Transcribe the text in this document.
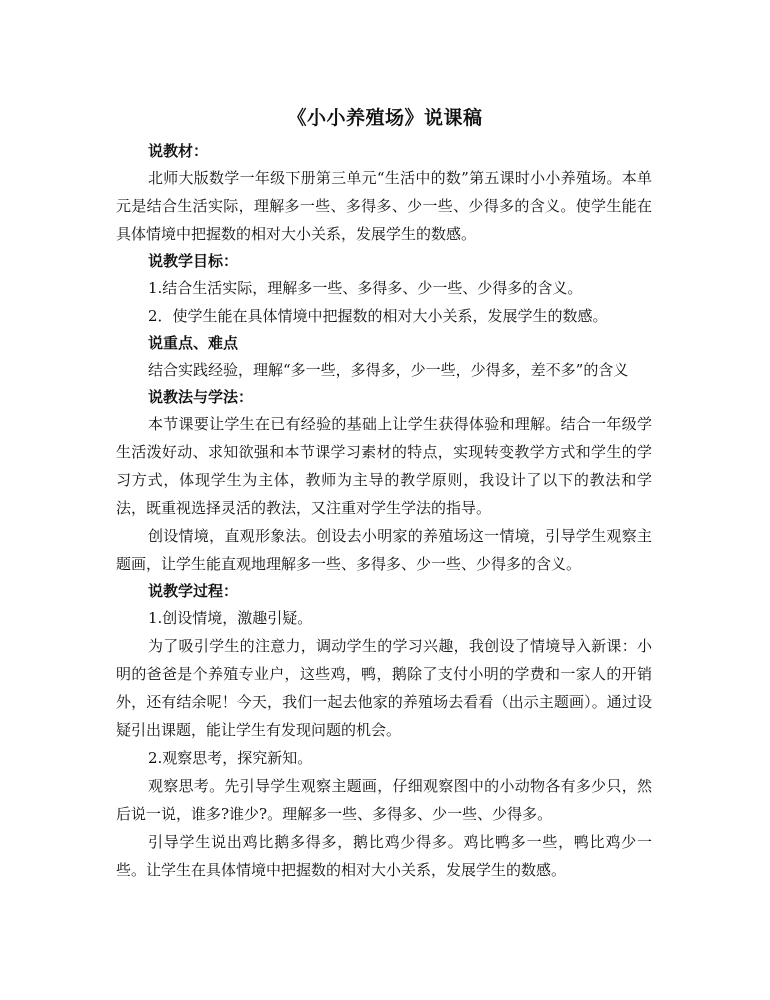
《小小养殖场》说课稿

说教材：

北师大版数学一年级下册第三单元“生活中的数”第五课时小小养殖场。本单元是结合生活实际，理解多一些、多得多、少一些、少得多的含义。使学生能在具体情境中把握数的相对大小关系，发展学生的数感。

说教学目标：

1.结合生活实际，理解多一些、多得多、少一些、少得多的含义。

2．使学生能在具体情境中把握数的相对大小关系，发展学生的数感。

说重点、难点

结合实践经验，理解“多一些，多得多，少一些，少得多，差不多”的含义

说教法与学法：

本节课要让学生在已有经验的基础上让学生获得体验和理解。结合一年级学生活泼好动、求知欲强和本节课学习素材的特点，实现转变教学方式和学生的学习方式，体现学生为主体，教师为主导的教学原则，我设计了以下的教法和学法，既重视选择灵活的教法，又注重对学生学法的指导。

创设情境，直观形象法。创设去小明家的养殖场这一情境，引导学生观察主题画，让学生能直观地理解多一些、多得多、少一些、少得多的含义。

说教学过程：

1.创设情境，激趣引疑。

为了吸引学生的注意力，调动学生的学习兴趣，我创设了情境导入新课：小明的爸爸是个养殖专业户，这些鸡，鸭，鹅除了支付小明的学费和一家人的开销外，还有结余呢！今天，我们一起去他家的养殖场去看看（出示主题画）。通过设疑引出课题，能让学生有发现问题的机会。

2.观察思考，探究新知。

观察思考。先引导学生观察主题画，仔细观察图中的小动物各有多少只，然后说一说，谁多?谁少?。理解多一些、多得多、少一些、少得多。

引导学生说出鸡比鹅多得多，鹅比鸡少得多。鸡比鸭多一些，鸭比鸡少一些。让学生在具体情境中把握数的相对大小关系，发展学生的数感。
